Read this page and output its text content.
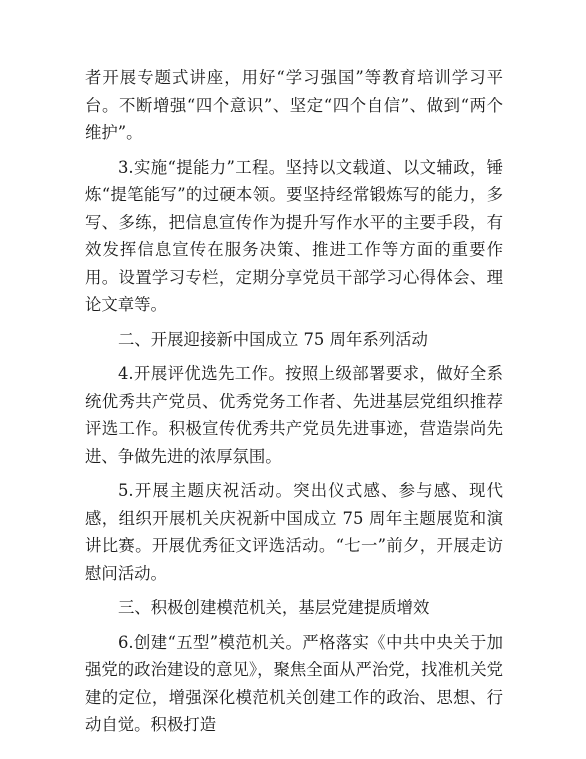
者开展专题式讲座，用好“学习强国”等教育培训学习平台。不断增强“四个意识”、坚定“四个自信”、做到“两个维护”。

3.实施“提能力”工程。坚持以文载道、以文辅政，锤炼“提笔能写”的过硬本领。要坚持经常锻炼写的能力，多写、多练，把信息宣传作为提升写作水平的主要手段，有效发挥信息宣传在服务决策、推进工作等方面的重要作用。设置学习专栏，定期分享党员干部学习心得体会、理论文章等。

二、开展迎接新中国成立 75 周年系列活动

4.开展评优选先工作。按照上级部署要求，做好全系统优秀共产党员、优秀党务工作者、先进基层党组织推荐评选工作。积极宣传优秀共产党员先进事迹，营造崇尚先进、争做先进的浓厚氛围。

5.开展主题庆祝活动。突出仪式感、参与感、现代感，组织开展机关庆祝新中国成立 75 周年主题展览和演讲比赛。开展优秀征文评选活动。“七一”前夕，开展走访慰问活动。

三、积极创建模范机关，基层党建提质增效

6.创建“五型”模范机关。严格落实《中共中央关于加强党的政治建设的意见》，聚焦全面从严治党，找准机关党建的定位，增强深化模范机关创建工作的政治、思想、行动自觉。积极打造
